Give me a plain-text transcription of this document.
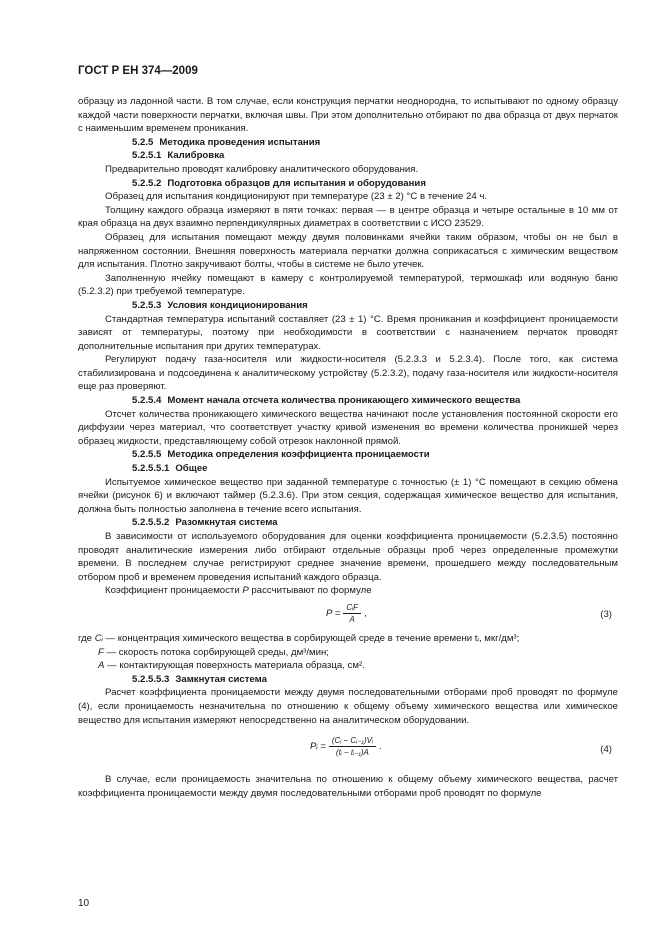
ГОСТ Р ЕН 374—2009

образцу из ладонной части. В том случае, если конструкция перчатки неоднородна, то испытывают по одному образцу каждой части поверхности перчатки, включая швы. При этом дополнительно отбирают по два образца от двух перчаток с наименьшим временем проникания.

5.2.5 Методика проведения испытания

5.2.5.1 Калибровка

Предварительно проводят калибровку аналитического оборудования.

5.2.5.2 Подготовка образцов для испытания и оборудования

Образец для испытания кондиционируют при температуре (23 ± 2) °С в течение 24 ч.

Толщину каждого образца измеряют в пяти точках: первая — в центре образца и четыре остальные в 10 мм от края образца на двух взаимно перпендикулярных диаметрах в соответствии с ИСО 23529.

Образец для испытания помещают между двумя половинками ячейки таким образом, чтобы он не был в напряженном состоянии. Внешняя поверхность материала перчатки должна соприкасаться с химическим веществом для испытания. Плотно закручивают болты, чтобы в системе не было утечек.

Заполненную ячейку помещают в камеру с контролируемой температурой, термошкаф или водяную баню (5.2.3.2) при требуемой температуре.

5.2.5.3 Условия кондиционирования

Стандартная температура испытаний составляет (23 ± 1) °С. Время проникания и коэффициент проницаемости зависят от температуры, поэтому при необходимости в соответствии с назначением перчаток проводят дополнительные испытания при других температурах.

Регулируют подачу газа-носителя или жидкости-носителя (5.2.3.3 и 5.2.3.4). После того, как система стабилизирована и подсоединена к аналитическому устройству (5.2.3.2), подачу газа-носителя или жидкости-носителя еще раз проверяют.

5.2.5.4 Момент начала отсчета количества проникающего химического вещества

Отсчет количества проникающего химического вещества начинают после установления постоянной скорости его диффузии через материал, что соответствует участку кривой изменения во времени количества проникшей через образец жидкости, представляющему собой отрезок наклонной прямой.

5.2.5.5 Методика определения коэффициента проницаемости

5.2.5.5.1 Общее

Испытуемое химическое вещество при заданной температуре с точностью (± 1) °С помещают в секцию обмена ячейки (рисунок 6) и включают таймер (5.2.3.6). При этом секция, содержащая химическое вещество для испытания, должна быть полностью заполнена в течение всего испытания.

5.2.5.5.2 Разомкнутая система

В зависимости от используемого оборудования для оценки коэффициента проницаемости (5.2.3.5) постоянно проводят аналитические измерения либо отбирают отдельные образцы проб через определенные промежутки времени. В последнем случае регистрируют среднее значение времени, прошедшего между последовательным отбором проб и временем проведения испытаний каждого образца.

Коэффициент проницаемости P рассчитывают по формуле

$P = \frac{\text{CᵢF}}{A}$ ,	(3)

где Cᵢ — концентрация химического вещества в сорбирующей среде в течение времени tᵢ, мкг/дм³;

F — скорость потока сорбирующей среды, дм³/мин;

A — контактирующая поверхность материала образца, см².

5.2.5.5.3 Замкнутая система

Расчет коэффициента проницаемости между двумя последовательными отборами проб проводят по формуле (4), если проницаемость незначительна по отношению к общему объему химического вещества или химическое вещество для испытания измеряют непосредственно на аналитическом оборудовании.

Pᵢ = $\frac{\text{(Cᵢ − Cᵢ₋₁)Vᵢ}}{\text{(tᵢ − tᵢ₋₁)A}}$ .	(4)

В случае, если проницаемость значительна по отношению к общему объему химического вещества, расчет коэффициента проницаемости между двумя последовательными отборами проб проводят по формуле

10
